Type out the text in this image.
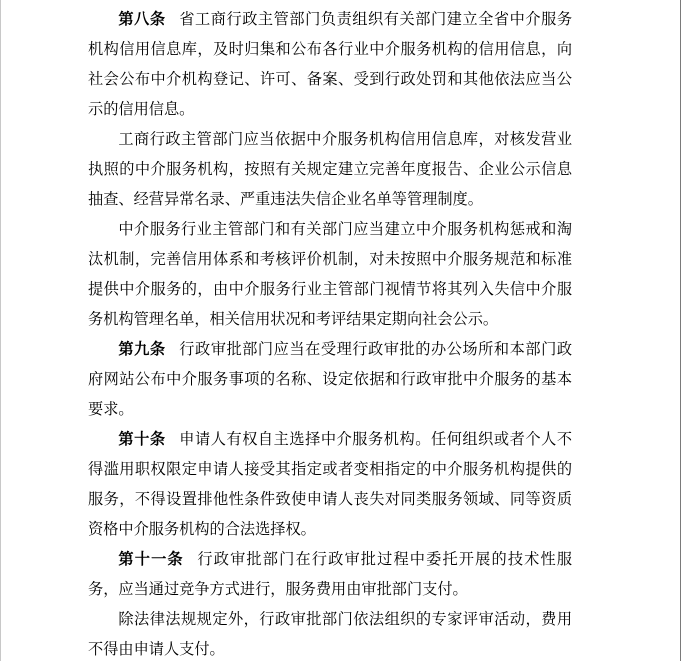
第八条 省工商行政主管部门负责组织有关部门建立全省中介服务机构信用信息库，及时归集和公布各行业中介服务机构的信用信息，向社会公布中介机构登记、许可、备案、受到行政处罚和其他依法应当公示的信用信息。

工商行政主管部门应当依据中介服务机构信用信息库，对核发营业执照的中介服务机构，按照有关规定建立完善年度报告、企业公示信息抽查、经营异常名录、严重违法失信企业名单等管理制度。

中介服务行业主管部门和有关部门应当建立中介服务机构惩戒和淘汰机制，完善信用体系和考核评价机制，对未按照中介服务规范和标准提供中介服务的，由中介服务行业主管部门视情节将其列入失信中介服务机构管理名单，相关信用状况和考评结果定期向社会公示。

第九条 行政审批部门应当在受理行政审批的办公场所和本部门政府网站公布中介服务事项的名称、设定依据和行政审批中介服务的基本要求。

第十条 申请人有权自主选择中介服务机构。任何组织或者个人不得滥用职权限定申请人接受其指定或者变相指定的中介服务机构提供的服务，不得设置排他性条件致使申请人丧失对同类服务领域、同等资质资格中介服务机构的合法选择权。

第十一条 行政审批部门在行政审批过程中委托开展的技术性服务，应当通过竞争方式进行，服务费用由审批部门支付。

除法律法规规定外，行政审批部门依法组织的专家评审活动，费用不得由申请人支付。
